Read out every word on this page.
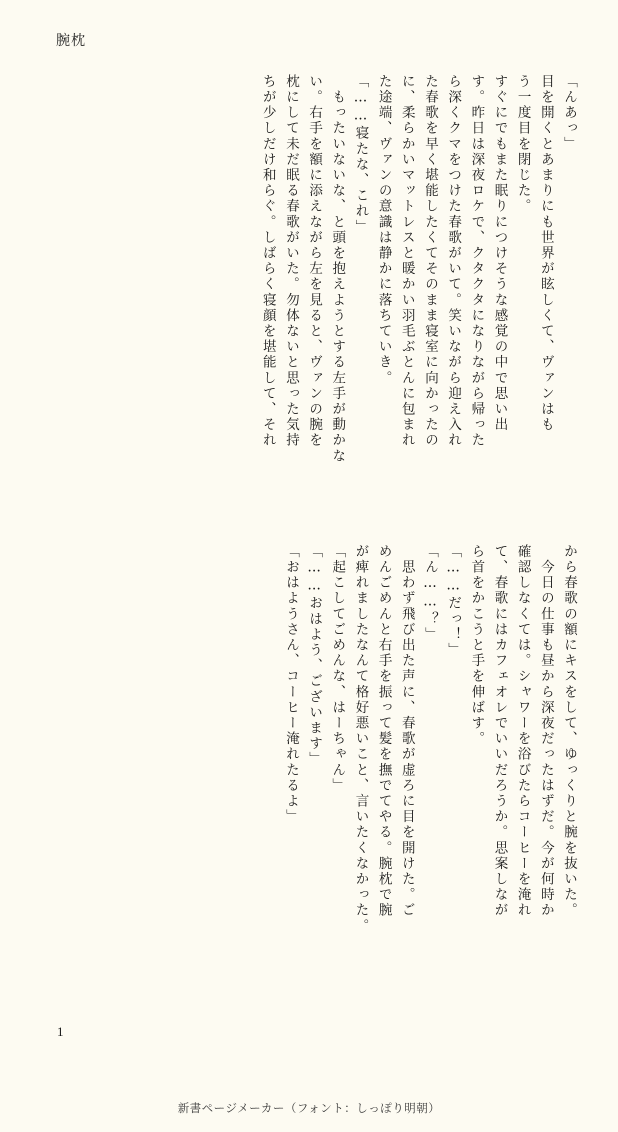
腕枕
「んあっ」
目を開くとあまりにも世界が眩しくて、ヴァンはも
う一度目を閉じた。
すぐにでもまた眠りにつけそうな感覚の中で思い出
す。昨日は深夜ロケで、クタクタになりながら帰った
ら深くクマをつけた春歌がいて。笑いながら迎え入れ
た春歌を早く堪能したくてそのまま寝室に向かったの
に、柔らかいマットレスと暖かい羽毛ぶとんに包まれ
た途端、ヴァンの意識は静かに落ちていき。
「……寝たな、これ」
　もったいないな、と頭を抱えようとする左手が動かな
い。右手を額に添えながら左を見ると、ヴァンの腕を
枕にして未だ眠る春歌がいた。勿体ないと思った気持
ちが少しだけ和らぐ。しばらく寝顔を堪能して、それ
から春歌の額にキスをして、ゆっくりと腕を抜いた。
　今日の仕事も昼から深夜だったはずだ。今が何時か
確認しなくては。シャワーを浴びたらコーヒーを淹れ
て、春歌にはカフェオレでいいだろうか。思案しなが
ら首をかこうと手を伸ばす。
「……だっ！」
「ん……？」
　思わず飛び出た声に、春歌が虚ろに目を開けた。ご
めんごめんと右手を振って髪を撫でてやる。腕枕で腕
が痺れましたなんて格好悪いこと、言いたくなかった。
「起こしてごめんな、はーちゃん」
「……おはよう、ございます」
「おはようさん、コーヒー淹れたるよ」
1
新書ページメーカー（フォント：しっぽり明朝）
